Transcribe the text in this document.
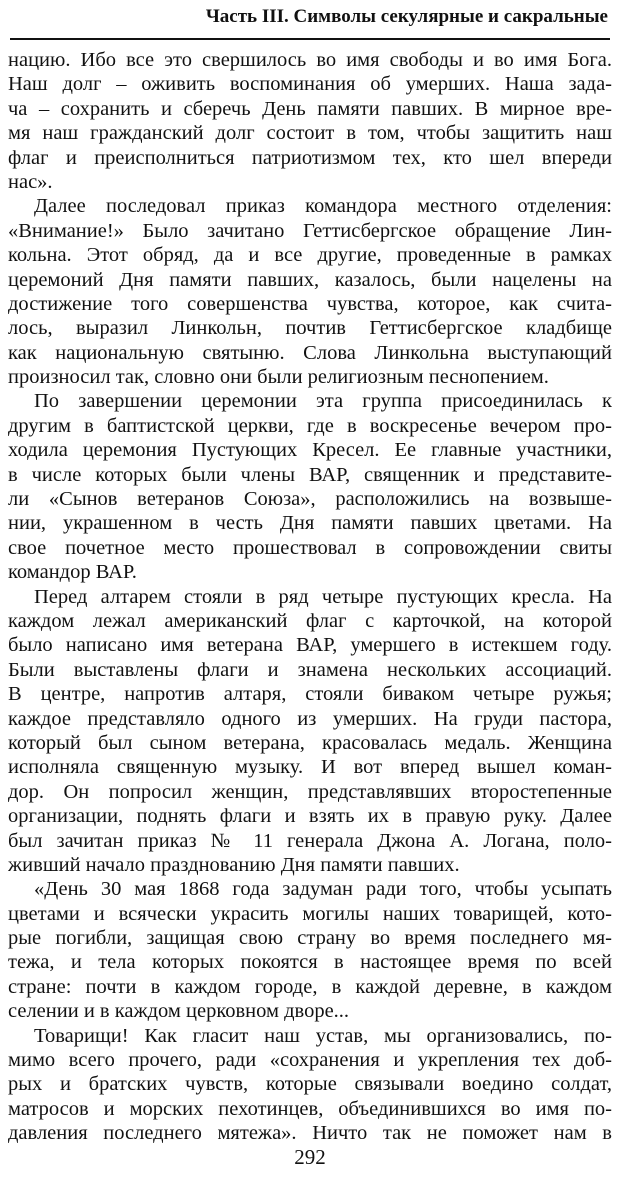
Часть III. Символы секулярные и сакральные
нацию. Ибо все это свершилось во имя свободы и во имя Бога.
Наш долг – оживить воспоминания об умерших. Наша зада-
ча – сохранить и сберечь День памяти павших. В мирное вре-
мя наш гражданский долг состоит в том, чтобы защитить наш
флаг и преисполниться патриотизмом тех, кто шел впереди
нас».
Далее последовал приказ командора местного отделения:
«Внимание!» Было зачитано Геттисбергское обращение Лин-
кольна. Этот обряд, да и все другие, проведенные в рамках
церемоний Дня памяти павших, казалось, были нацелены на
достижение того совершенства чувства, которое, как счита-
лось, выразил Линкольн, почтив Геттисбергское кладбище
как национальную святыню. Слова Линкольна выступающий
произносил так, словно они были религиозным песнопением.
По завершении церемонии эта группа присоединилась к
другим в баптистской церкви, где в воскресенье вечером про-
ходила церемония Пустующих Кресел. Ее главные участники,
в числе которых были члены ВАР, священник и представите-
ли «Сынов ветеранов Союза», расположились на возвыше-
нии, украшенном в честь Дня памяти павших цветами. На
свое почетное место прошествовал в сопровождении свиты
командор ВАР.
Перед алтарем стояли в ряд четыре пустующих кресла. На
каждом лежал американский флаг с карточкой, на которой
было написано имя ветерана ВАР, умершего в истекшем году.
Были выставлены флаги и знамена нескольких ассоциаций.
В центре, напротив алтаря, стояли биваком четыре ружья;
каждое представляло одного из умерших. На груди пастора,
который был сыном ветерана, красовалась медаль. Женщина
исполняла священную музыку. И вот вперед вышел коман-
дор. Он попросил женщин, представлявших второстепенные
организации, поднять флаги и взять их в правую руку. Далее
был зачитан приказ № 11 генерала Джона А. Логана, поло-
живший начало празднованию Дня памяти павших.
«День 30 мая 1868 года задуман ради того, чтобы усыпать
цветами и всячески украсить могилы наших товарищей, кото-
рые погибли, защищая свою страну во время последнего мя-
тежа, и тела которых покоятся в настоящее время по всей
стране: почти в каждом городе, в каждой деревне, в каждом
селении и в каждом церковном дворе...
Товарищи! Как гласит наш устав, мы организовались, по-
мимо всего прочего, ради «сохранения и укрепления тех доб-
рых и братских чувств, которые связывали воедино солдат,
матросов и морских пехотинцев, объединившихся во имя по-
давления последнего мятежа». Ничто так не поможет нам в
292
